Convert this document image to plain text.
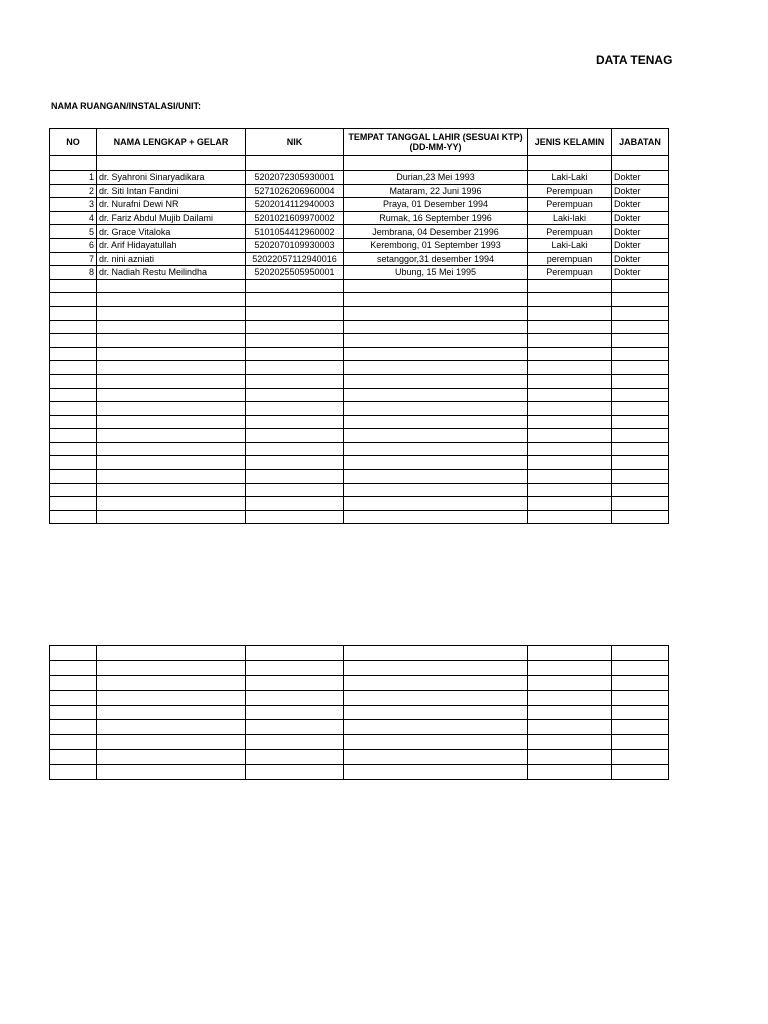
DATA TENAG
NAMA RUANGAN/INSTALASI/UNIT:
NO	NAMA LENGKAP + GELAR	NIK	TEMPAT TANGGAL LAHIR (SESUAI KTP) (DD-MM-YY)	JENIS KELAMIN	JABATAN

1	dr. Syahroni Sinaryadikara	5202072305930001	Durian,23 Mei 1993	Laki-Laki	Dokter
2	dr. Siti Intan Fandini	5271026206960004	Mataram, 22 Juni 1996	Perempuan	Dokter
3	dr. Nurafni Dewi NR	5202014112940003	Praya, 01 Desember 1994	Perempuan	Dokter
4	dr. Fariz Abdul Mujib Dailami	5201021609970002	Rumak, 16 September 1996	Laki-laki	Dokter
5	dr. Grace Vitaloka	5101054412960002	Jembrana, 04 Desember 21996	Perempuan	Dokter
6	dr. Arif Hidayatullah	5202070109930003	Kerembong, 01 September 1993	Laki-Laki	Dokter
7	dr. nini azniati	52022057112940016	setanggor,31 desember 1994	perempuan	Dokter
8	dr. Nadiah Restu Meilindha	5202025505950001	Ubung, 15 Mei 1995	Perempuan	Dokter
